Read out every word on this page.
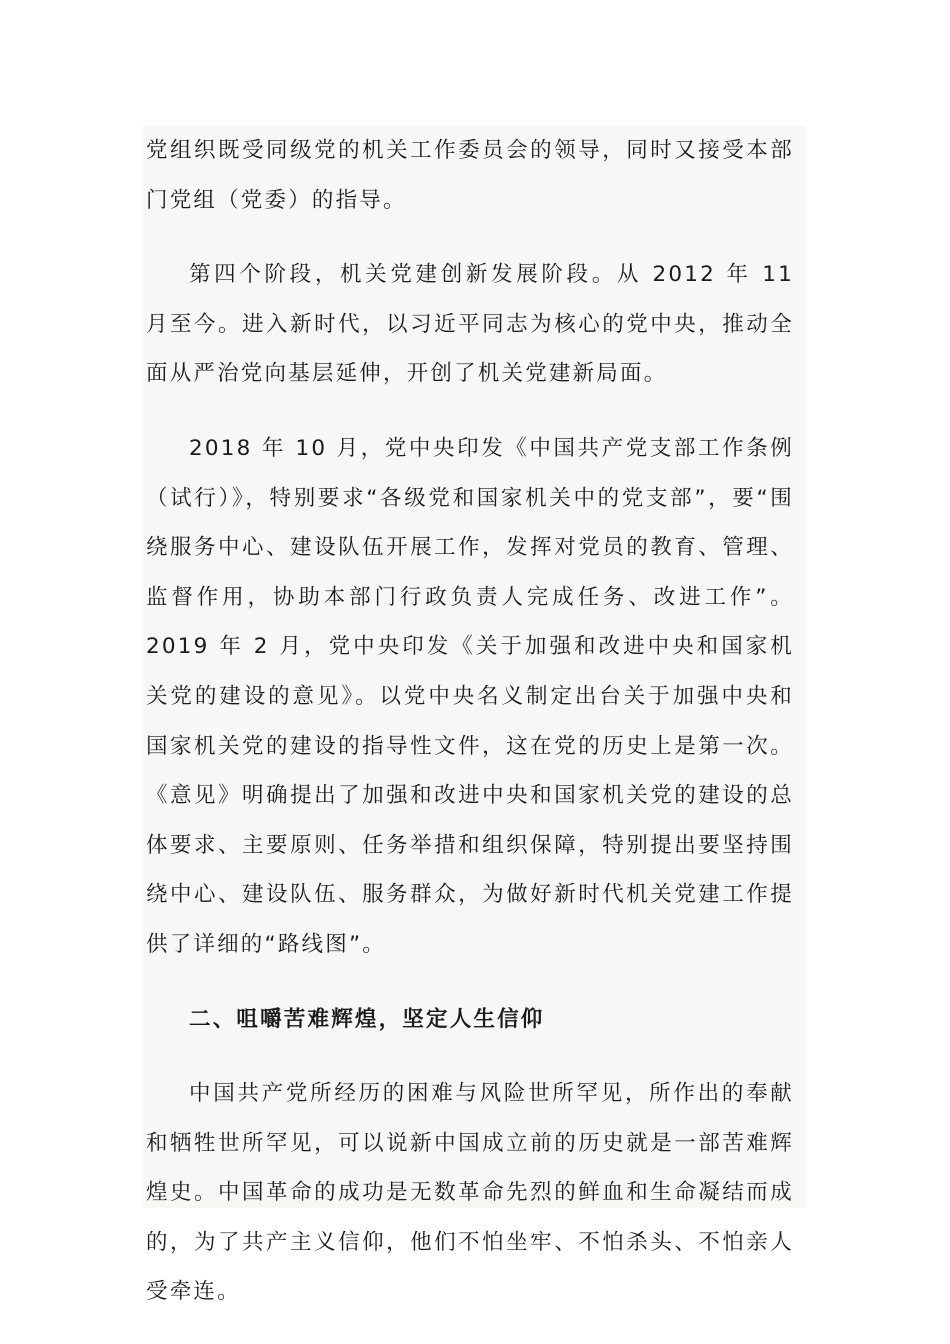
党组织既受同级党的机关工作委员会的领导，同时又接受本部门党组（党委）的指导。

第四个阶段，机关党建创新发展阶段。从 2012 年 11 月至今。进入新时代，以习近平同志为核心的党中央，推动全面从严治党向基层延伸，开创了机关党建新局面。

2018 年 10 月，党中央印发《中国共产党支部工作条例（试行）》，特别要求“各级党和国家机关中的党支部”，要“围绕服务中心、建设队伍开展工作，发挥对党员的教育、管理、监督作用，协助本部门行政负责人完成任务、改进工作”。2019 年 2 月，党中央印发《关于加强和改进中央和国家机关党的建设的意见》。以党中央名义制定出台关于加强中央和国家机关党的建设的指导性文件，这在党的历史上是第一次。《意见》明确提出了加强和改进中央和国家机关党的建设的总体要求、主要原则、任务举措和组织保障，特别提出要坚持围绕中心、建设队伍、服务群众，为做好新时代机关党建工作提供了详细的“路线图”。

二、咀嚼苦难辉煌，坚定人生信仰

中国共产党所经历的困难与风险世所罕见，所作出的奉献和牺牲世所罕见，可以说新中国成立前的历史就是一部苦难辉煌史。中国革命的成功是无数革命先烈的鲜血和生命凝结而成的，为了共产主义信仰，他们不怕坐牢、不怕杀头、不怕亲人受牵连。
